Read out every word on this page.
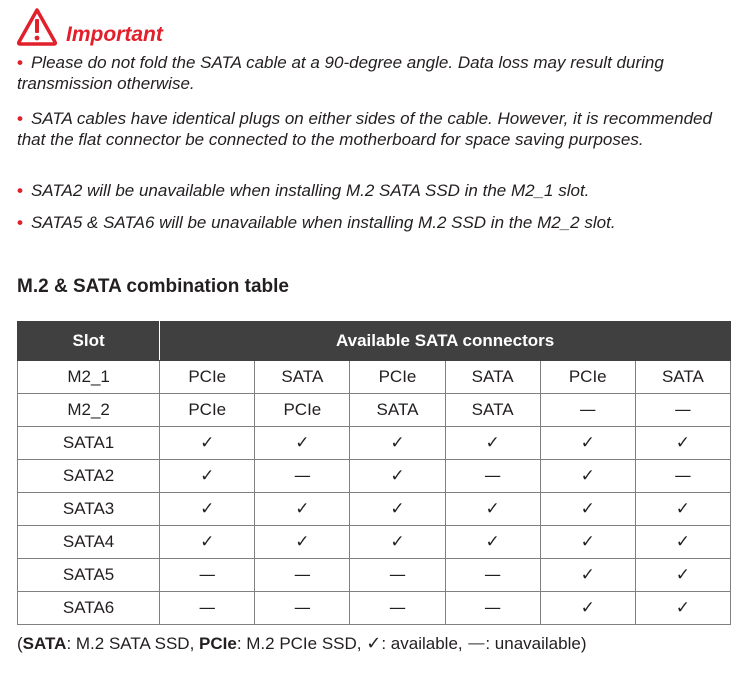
Important
• Please do not fold the SATA cable at a 90-degree angle. Data loss may result during transmission otherwise.
• SATA cables have identical plugs on either sides of the cable. However, it is recommended that the flat connector be connected to the motherboard for space saving purposes.
• SATA2 will be unavailable when installing M.2 SATA SSD in the M2_1 slot.
• SATA5 & SATA6 will be unavailable when installing M.2 SSD in the M2_2 slot.
M.2 & SATA combination table
Slot	Available SATA connectors					
M2_1	PCIe	SATA	PCIe	SATA	PCIe	SATA
M2_2	PCIe	PCIe	SATA	SATA	—	—
SATA1	✓	✓	✓	✓	✓	✓
SATA2	✓	—	✓	—	✓	—
SATA3	✓	✓	✓	✓	✓	✓
SATA4	✓	✓	✓	✓	✓	✓
SATA5	—	—	—	—	✓	✓
SATA6	—	—	—	—	✓	✓
(SATA: M.2 SATA SSD, PCIe: M.2 PCIe SSD, ✓: available, —: unavailable)
